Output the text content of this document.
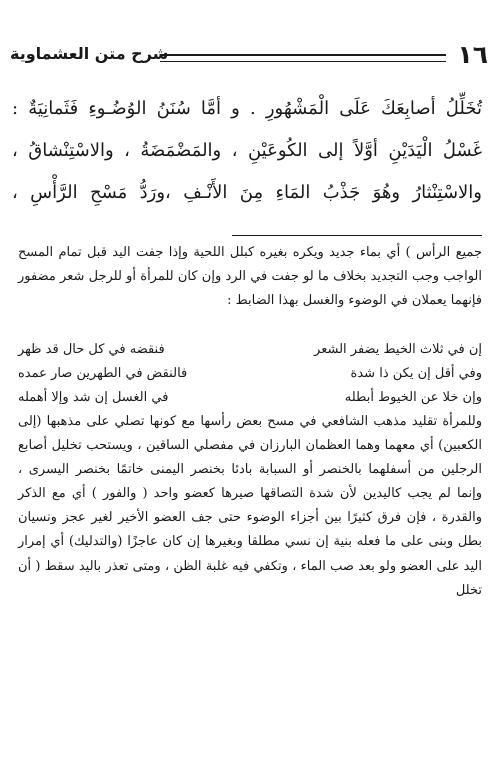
١٦
شرح متن العشماوية

تُخَلِّلُ أصابِعَكَ عَلَى الْمَشْهُورِ . و أمَّا سُنَنُ الوُضُـوءِ فَثَمانِيَةٌ :

غَسْلُ الْيَدَيْنِ أوَّلاً إلى الكُوعَيْنِ ، والمَضْمَضَةُ ، والاسْتِنْشاقُ ،

والاسْتِنْثارُ وهُوَ جَذْبُ المَاءِ مِنَ الأَنْـفِ ،ورَدُّ مَسْحِ الرَّأْسِ ،

جميع الرأس ) أي بماء جديد ويكره بغيره كبلل اللحية وإذا جفت اليد قبل تمام المسح الواجب وجب التجديد بخلاف ما لو جفت في الرد وإن كان للمرأة أو للرجل شعر مضفور فإنهما يعملان في الوضوء والغسل بهذا الضابط :

إن في ثلاث الخيط يضفر الشعر
فنقضه في كل حال قد ظهر
وفي أقل إن يكن ذا شدة
فالنقض في الطهرين صار عمده
وإن خلا عن الخيوط أبطله
في الغسل إن شد وإلا أهمله

وللمرأة تقليد مذهب الشافعي في مسح بعض رأسها مع كونها تصلي على مذهبها (إلى الكعبين) أي معهما وهما العظمان البارزان في مفصلي الساقين ، ويستحب تخليل أصابع الرجلين من أسفلهما بالخنصر أو السبابة بادئا بخنصر اليمنى خاتمًا بخنصر اليسرى ، وإنما لم يجب كاليدين لأن شدة التصاقها صيرها كعضو واحد ( والفور ) أي مع الذكر والقدرة ، فإن فرق كثيرًا بين أجزاء الوضوء حتى جف العضو الأخير لغير عجز ونسيان بطل وبنى على ما فعله بنية إن نسي مطلقا وبغيرها إن كان عاجزًا (والتدليك) أي إمرار اليد على العضو ولو بعد صب الماء ، وتكفي فيه غلبة الظن ، ومتى تعذر باليد سقط ( أن تخلل
